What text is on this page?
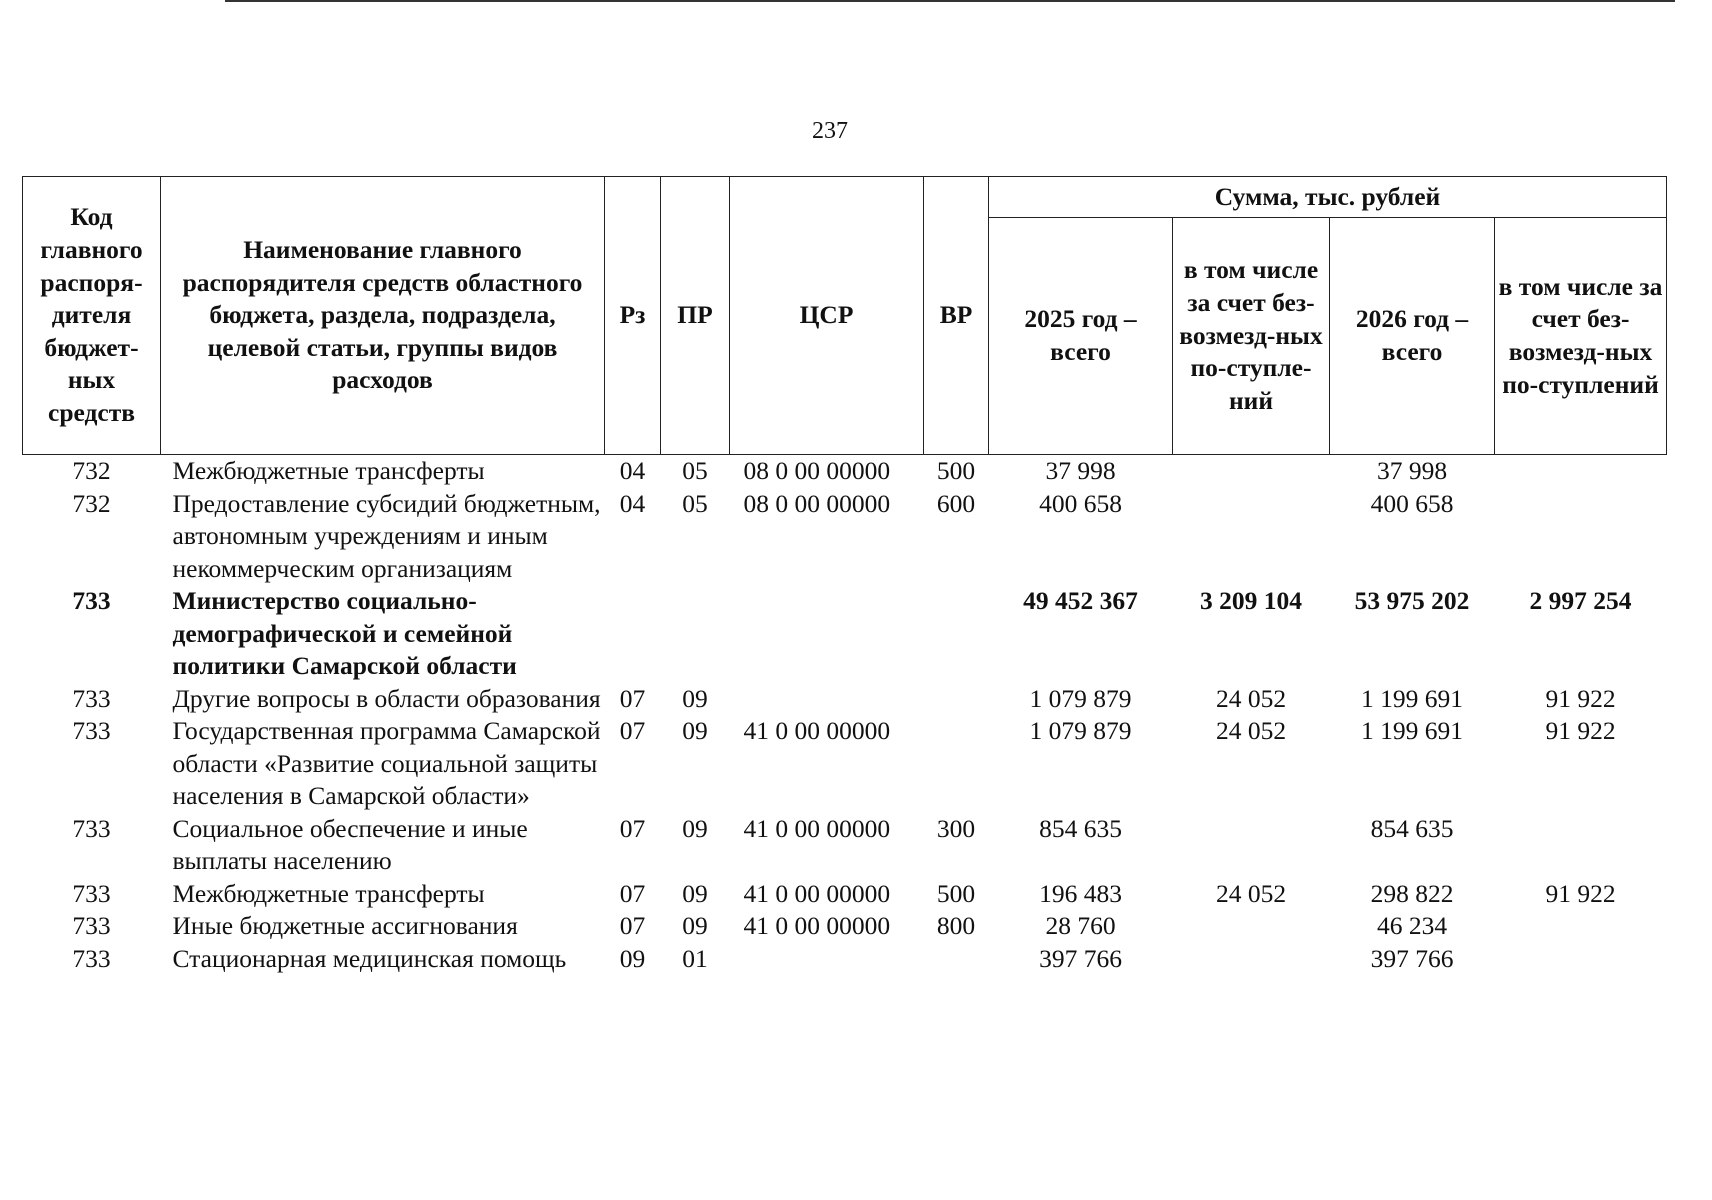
237
Код главного распоря-дителя бюджет-ных средств	Наименование главного распорядителя средств областного бюджета, раздела, подраздела, целевой статьи, группы видов расходов	Рз	ПР	ЦСР	ВР	Сумма, тыс. рублей			
						2025 год – всего	в том числе за счет без-возмезд-ных по-ступле-ний	2026 год – всего	в том числе за счет без-возмезд-ных по-ступлений
732	Межбюджетные трансферты	04	05	08 0 00 00000	500	37 998		37 998	
732	Предоставление субсидий бюджетным, автономным учреждениям и иным некоммерческим организациям	04	05	08 0 00 00000	600	400 658		400 658	
733	Министерство социально-демографической и семейной политики Самарской области					49 452 367	3 209 104	53 975 202	2 997 254
733	Другие вопросы в области образования	07	09			1 079 879	24 052	1 199 691	91 922
733	Государственная программа Самарской области «Развитие социальной защиты населения в Самарской области»	07	09	41 0 00 00000		1 079 879	24 052	1 199 691	91 922
733	Социальное обеспечение и иные выплаты населению	07	09	41 0 00 00000	300	854 635		854 635	
733	Межбюджетные трансферты	07	09	41 0 00 00000	500	196 483	24 052	298 822	91 922
733	Иные бюджетные ассигнования	07	09	41 0 00 00000	800	28 760		46 234	
733	Стационарная медицинская помощь	09	01			397 766		397 766	
